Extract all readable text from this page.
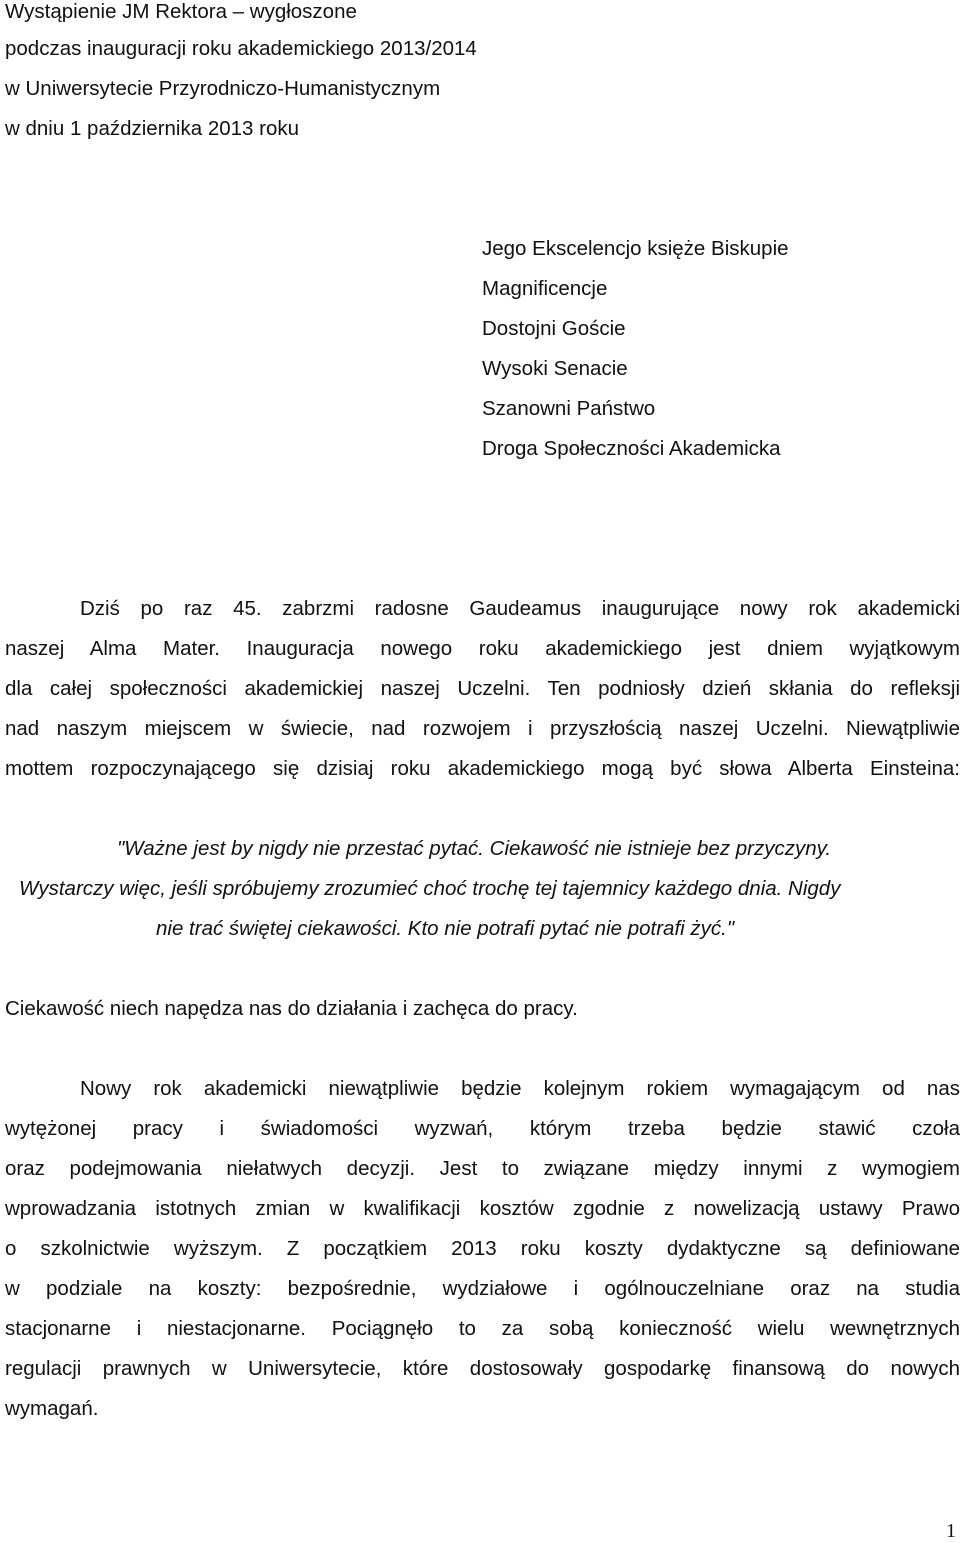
Wystąpienie JM Rektora – wygłoszone
podczas inauguracji roku akademickiego 2013/2014
w Uniwersytecie Przyrodniczo-Humanistycznym
w dniu 1 października 2013 roku
Jego Ekscelencjo księże Biskupie
Magnificencje
Dostojni Goście
Wysoki Senacie
Szanowni Państwo
Droga Społeczności Akademicka
Dziś po raz 45. zabrzmi radosne Gaudeamus inaugurujące nowy rok akademicki
naszej Alma Mater. Inauguracja nowego roku akademickiego jest dniem wyjątkowym
dla całej społeczności akademickiej naszej Uczelni. Ten podniosły dzień skłania do refleksji
nad naszym miejscem w świecie, nad rozwojem i przyszłością naszej Uczelni. Niewątpliwie
mottem rozpoczynającego się dzisiaj roku akademickiego mogą być słowa Alberta Einsteina:
"Ważne jest by nigdy nie przestać pytać. Ciekawość nie istnieje bez przyczyny.
Wystarczy więc, jeśli spróbujemy zrozumieć choć trochę tej tajemnicy każdego dnia. Nigdy
nie trać świętej ciekawości. Kto nie potrafi pytać nie potrafi żyć."
Ciekawość niech napędza nas do działania i zachęca do pracy.
Nowy rok akademicki niewątpliwie będzie kolejnym rokiem wymagającym od nas
wytężonej pracy i świadomości wyzwań, którym trzeba będzie stawić czoła
oraz podejmowania niełatwych decyzji. Jest to związane między innymi z wymogiem
wprowadzania istotnych zmian w kwalifikacji kosztów zgodnie z nowelizacją ustawy Prawo
o szkolnictwie wyższym. Z początkiem 2013 roku koszty dydaktyczne są definiowane
w podziale na koszty: bezpośrednie, wydziałowe i ogólnouczelniane oraz na studia
stacjonarne i niestacjonarne. Pociągnęło to za sobą konieczność wielu wewnętrznych
regulacji prawnych w Uniwersytecie, które dostosowały gospodarkę finansową do nowych
wymagań.
1
